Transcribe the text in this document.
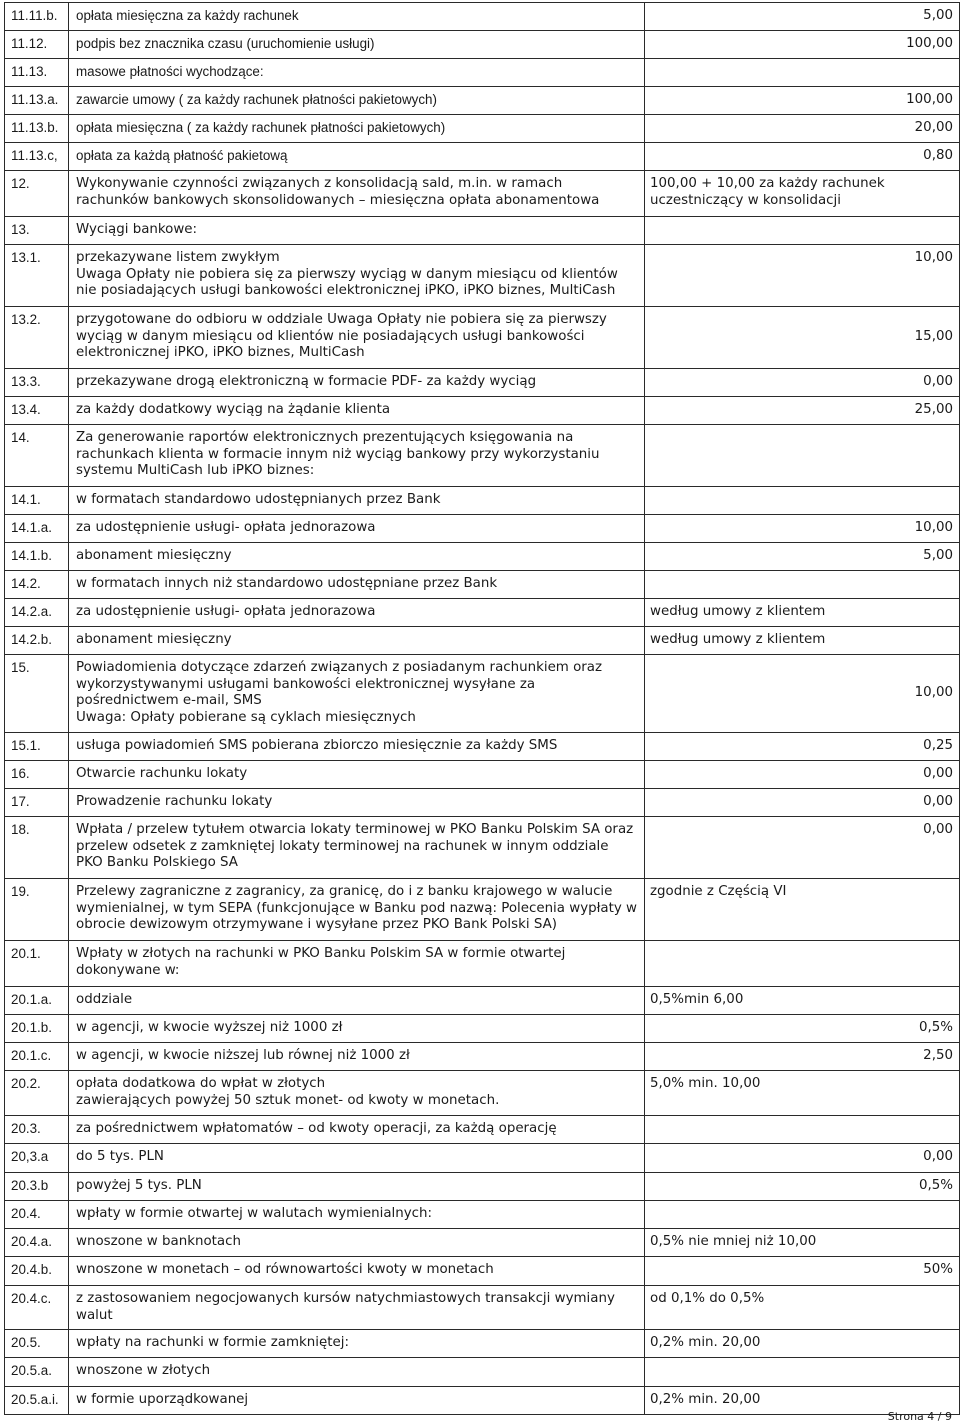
11.11.b.	opłata miesięczna za każdy rachunek	5,00
11.12.	podpis bez znacznika czasu (uruchomienie usługi)	100,00
11.13.	masowe płatności wychodzące:	
11.13.a.	zawarcie umowy ( za każdy rachunek płatności pakietowych)	100,00
11.13.b.	opłata miesięczna ( za każdy rachunek płatności pakietowych)	20,00
11.13.c,	opłata za każdą płatność pakietową	0,80
12.	Wykonywanie czynności związanych z konsolidacją sald, m.in. w ramach rachunków bankowych skonsolidowanych – miesięczna opłata abonamentowa	100,00 + 10,00 za każdy rachunek uczestniczący w konsolidacji
13.	Wyciągi bankowe:	
13.1.	przekazywane listem zwykłym
Uwaga Opłaty nie pobiera się za pierwszy wyciąg w danym miesiącu od klientów nie posiadających usługi bankowości elektronicznej iPKO, iPKO biznes, MultiCash	10,00
13.2.	przygotowane do odbioru w oddziale Uwaga Opłaty nie pobiera się za pierwszy wyciąg w danym miesiącu od klientów nie posiadających usługi bankowości elektronicznej iPKO, iPKO biznes, MultiCash	15,00
13.3.	przekazywane drogą elektroniczną w formacie PDF- za każdy wyciąg	0,00
13.4.	za każdy dodatkowy wyciąg na żądanie klienta	25,00
14.	Za generowanie raportów elektronicznych prezentujących księgowania na rachunkach klienta w formacie innym niż wyciąg bankowy przy wykorzystaniu systemu MultiCash lub iPKO biznes:	
14.1.	w formatach standardowo udostępnianych przez Bank	
14.1.a.	za udostępnienie usługi- opłata jednorazowa	10,00
14.1.b.	abonament miesięczny	5,00
14.2.	w formatach innych niż standardowo udostępniane przez Bank	
14.2.a.	za udostępnienie usługi- opłata jednorazowa	według umowy z klientem
14.2.b.	abonament miesięczny	według umowy z klientem
15.	Powiadomienia dotyczące zdarzeń związanych z posiadanym rachunkiem oraz wykorzystywanymi usługami bankowości elektronicznej wysyłane za pośrednictwem e-mail, SMS
Uwaga: Opłaty pobierane są cyklach miesięcznych	10,00
15.1.	usługa powiadomień SMS pobierana zbiorczo miesięcznie za każdy SMS	0,25
16.	Otwarcie rachunku lokaty	0,00
17.	Prowadzenie rachunku lokaty	0,00
18.	Wpłata / przelew tytułem otwarcia lokaty terminowej w PKO Banku Polskim SA oraz przelew odsetek z zamkniętej lokaty terminowej na rachunek w innym oddziale PKO Banku Polskiego SA	0,00
19.	Przelewy zagraniczne z zagranicy, za granicę, do i z banku krajowego w walucie wymienialnej, w tym SEPA (funkcjonujące w Banku pod nazwą: Polecenia wypłaty w obrocie dewizowym otrzymywane i wysyłane przez PKO Bank Polski SA)	zgodnie z Częścią VI
20.1.	Wpłaty w złotych na rachunki w PKO Banku Polskim SA w formie otwartej dokonywane w:	
20.1.a.	oddziale	0,5%min 6,00
20.1.b.	w agencji, w kwocie wyższej niż 1000 zł	0,5%
20.1.c.	w agencji, w kwocie niższej lub równej niż 1000 zł	2,50
20.2.	opłata dodatkowa do wpłat w złotych
zawierających powyżej 50 sztuk monet- od kwoty w monetach.	5,0% min. 10,00
20.3.	za pośrednictwem wpłatomatów – od kwoty operacji, za każdą operację	
20,3.a	do 5 tys. PLN	0,00
20.3.b	powyżej 5 tys. PLN	0,5%
20.4.	wpłaty w formie otwartej w walutach wymienialnych:	
20.4.a.	wnoszone w banknotach	0,5% nie mniej niż 10,00
20.4.b.	wnoszone w monetach – od równowartości kwoty w monetach	50%
20.4.c.	z zastosowaniem negocjowanych kursów natychmiastowych transakcji wymiany walut	od 0,1% do 0,5%
20.5.	wpłaty na rachunki w formie zamkniętej:	0,2% min. 20,00
20.5.a.	wnoszone w złotych	
20.5.a.i.	w formie uporządkowanej	0,2% min. 20,00
Strona 4 / 9
